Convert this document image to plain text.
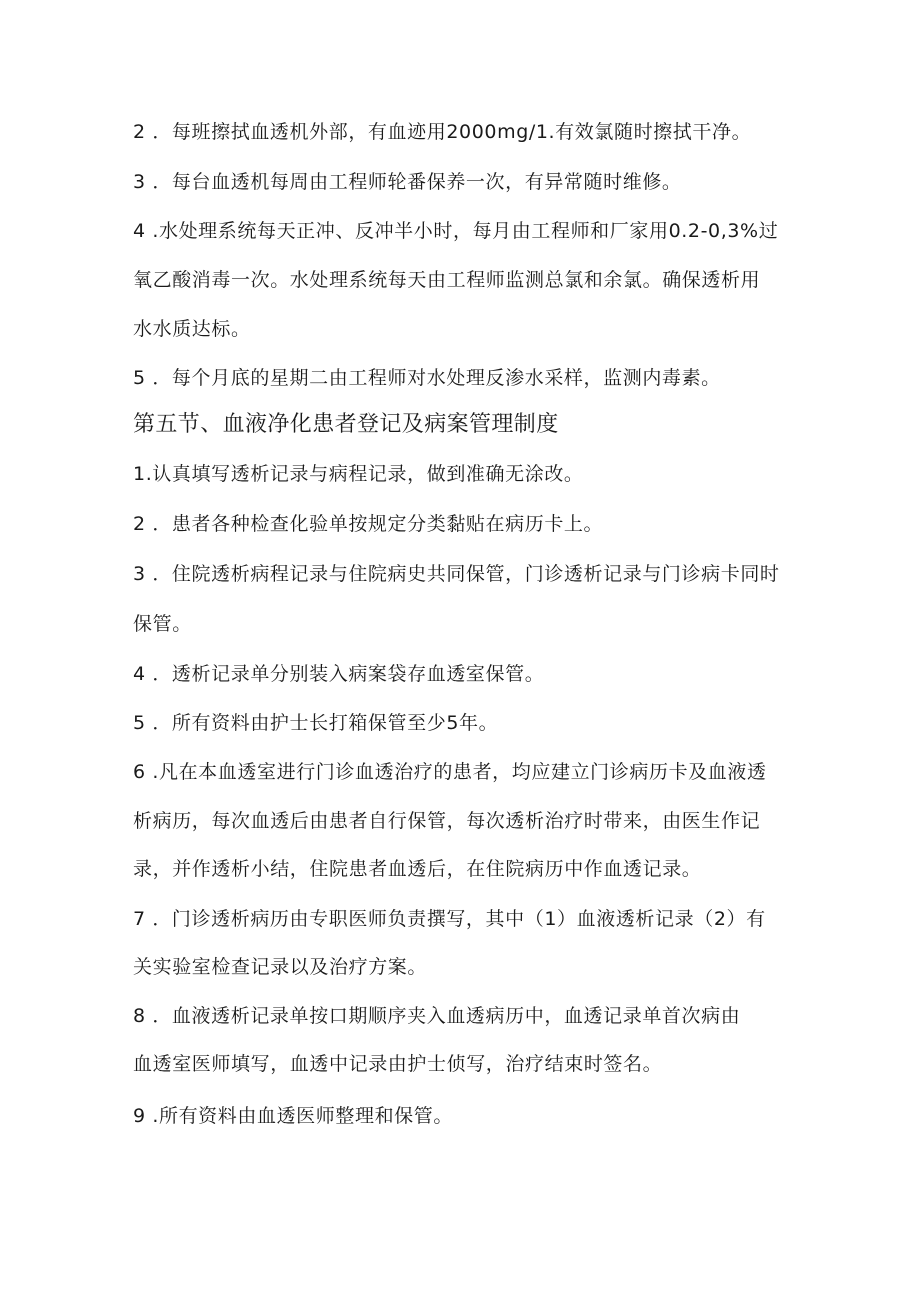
2 ．每班擦拭血透机外部，有血迹用2000mg/1.有效氯随时擦拭干净。
3 ．每台血透机每周由工程师轮番保养一次，有异常随时维修。
4 .水处理系统每天正冲、反冲半小时，每月由工程师和厂家用0.2-0,3%过
氧乙酸消毒一次。水处理系统每天由工程师监测总氯和余氯。确保透析用
水水质达标。
5 ．每个月底的星期二由工程师对水处理反渗水采样，监测内毒素。
第五节、血液净化患者登记及病案管理制度
1.认真填写透析记录与病程记录，做到准确无涂改。
2 ．患者各种检查化验单按规定分类黏贴在病历卡上。
3 ．住院透析病程记录与住院病史共同保管，门诊透析记录与门诊病卡同时
保管。
4 ．透析记录单分别装入病案袋存血透室保管。
5 ．所有资料由护士长打箱保管至少5年。
6 .凡在本血透室进行门诊血透治疗的患者，均应建立门诊病历卡及血液透
析病历，每次血透后由患者自行保管，每次透析治疗时带来，由医生作记
录，并作透析小结，住院患者血透后，在住院病历中作血透记录。
7 ．门诊透析病历由专职医师负责撰写，其中（1）血液透析记录（2）有
关实验室检查记录以及治疗方案。
8 ．血液透析记录单按口期顺序夹入血透病历中，血透记录单首次病由
血透室医师填写，血透中记录由护士侦写，治疗结束时签名。
9 .所有资料由血透医师整理和保管。
